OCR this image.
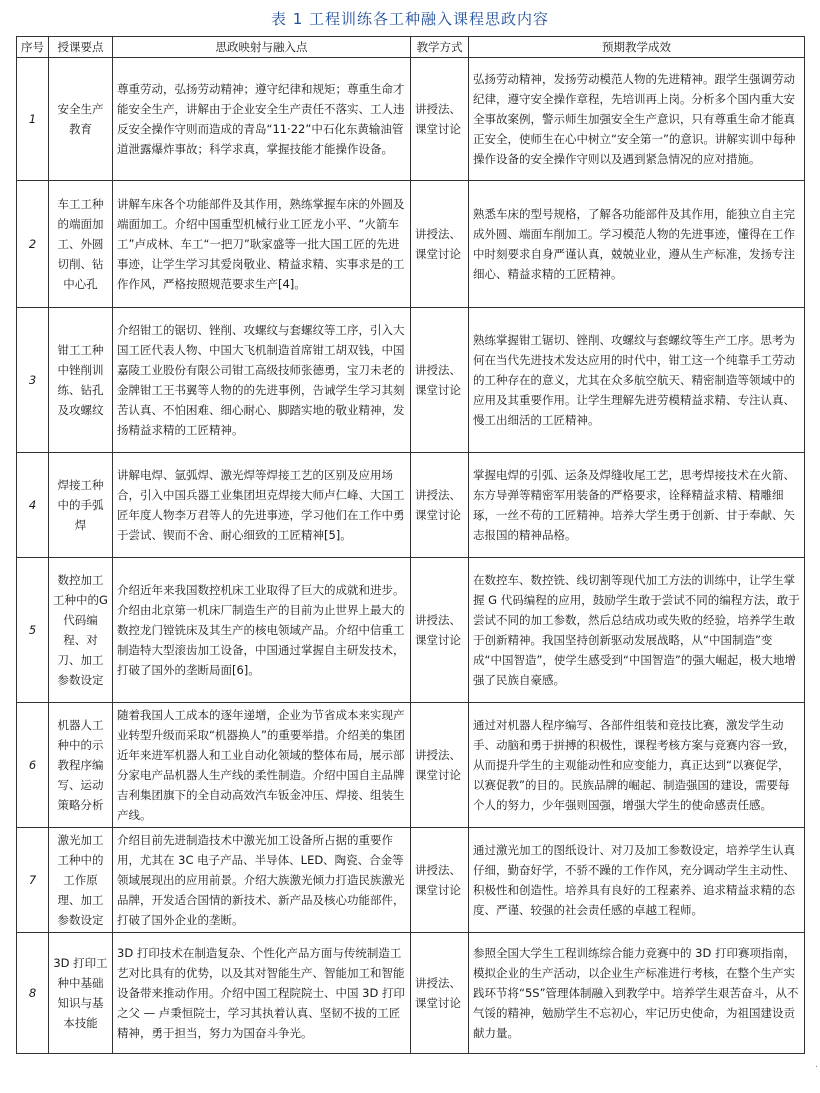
表 1 工程训练各工种融入课程思政内容
序号	授课要点	思政映射与融入点	教学方式	预期教学成效
1	安全生产教育	尊重劳动，弘扬劳动精神；遵守纪律和规矩；尊重生命才能安全生产，讲解由于企业安全生产责任不落实、工人违反安全操作守则而造成的青岛“11·22”中石化东黄输油管道泄露爆炸事故；科学求真，掌握技能才能操作设备。	讲授法、课堂讨论	弘扬劳动精神，发扬劳动模范人物的先进精神。跟学生强调劳动纪律，遵守安全操作章程，先培训再上岗。分析多个国内重大安全事故案例，警示师生加强安全生产意识，只有尊重生命才能真正安全，使师生在心中树立“安全第一”的意识。讲解实训中每种操作设备的安全操作守则以及遇到紧急情况的应对措施。
2	车工工种的端面加工、外圆切削、钻中心孔	讲解车床各个功能部件及其作用，熟练掌握车床的外圆及端面加工。介绍中国重型机械行业工匠龙小平、“火箭车工”卢成林、车工“一把刀”耿家盛等一批大国工匠的先进事迹，让学生学习其爱岗敬业、精益求精、实事求是的工作作风，严格按照规范要求生产[4]。	讲授法、课堂讨论	熟悉车床的型号规格，了解各功能部件及其作用，能独立自主完成外圆、端面车削加工。学习模范人物的先进事迹，懂得在工作中时刻要求自身严谨认真，兢兢业业，遵从生产标准，发扬专注细心、精益求精的工匠精神。
3	钳工工种中锉削训练、钻孔及攻螺纹	介绍钳工的锯切、锉削、攻螺纹与套螺纹等工序，引入大国工匠代表人物、中国大飞机制造首席钳工胡双钱，中国嘉陵工业股份有限公司钳工高级技师张德勇，宝刀未老的金牌钳工王书翼等人物的的先进事例，告诫学生学习其刻苦认真、不怕困难、细心耐心、脚踏实地的敬业精神，发扬精益求精的工匠精神。	讲授法、课堂讨论	熟练掌握钳工锯切、锉削、攻螺纹与套螺纹等生产工序。思考为何在当代先进技术发达应用的时代中，钳工这一个纯靠手工劳动的工种存在的意义，尤其在众多航空航天、精密制造等领域中的应用及其重要作用。让学生理解先进劳模精益求精、专注认真、慢工出细活的工匠精神。
4	焊接工种中的手弧焊	讲解电焊、氩弧焊、激光焊等焊接工艺的区别及应用场合，引入中国兵器工业集团坦克焊接大师卢仁峰、大国工匠年度人物李万君等人的先进事迹，学习他们在工作中勇于尝试、锲而不舍、耐心细致的工匠精神[5]。	讲授法、课堂讨论	掌握电焊的引弧、运条及焊缝收尾工艺，思考焊接技术在火箭、东方导弹等精密军用装备的严格要求，诠释精益求精、精雕细琢，一丝不苟的工匠精神。培养大学生勇于创新、甘于奉献、矢志报国的精神品格。
5	数控加工工种中的G代码编程、对刀、加工参数设定	介绍近年来我国数控机床工业取得了巨大的成就和进步。介绍由北京第一机床厂制造生产的目前为止世界上最大的数控龙门镗铣床及其生产的核电领域产品。介绍中信重工制造特大型滚齿加工设备，中国通过掌握自主研发技术，打破了国外的垄断局面[6]。	讲授法、课堂讨论	在数控车、数控铣、线切割等现代加工方法的训练中，让学生掌握 G 代码编程的应用，鼓励学生敢于尝试不同的编程方法，敢于尝试不同的加工参数，然后总结成功或失败的经验，培养学生敢于创新精神。我国坚持创新驱动发展战略，从“中国制造”变成“中国智造”，使学生感受到“中国智造”的强大崛起，极大地增强了民族自豪感。
6	机器人工种中的示教程序编写、运动策略分析	随着我国人工成本的逐年递增，企业为节省成本来实现产业转型升级而采取“机器换人”的重要举措。介绍美的集团近年来进军机器人和工业自动化领域的整体布局，展示部分家电产品机器人生产线的柔性制造。介绍中国自主品牌吉利集团旗下的全自动高效汽车钣金冲压、焊接、组装生产线。	讲授法、课堂讨论	通过对机器人程序编写、各部件组装和竞技比赛，激发学生动手、动脑和勇于拼搏的积极性，课程考核方案与竞赛内容一致，从而提升学生的主观能动性和应变能力，真正达到“以赛促学，以赛促教”的目的。民族品牌的崛起、制造强国的建设，需要每个人的努力，少年强则国强，增强大学生的使命感责任感。
7	激光加工工种中的工作原理、加工参数设定	介绍目前先进制造技术中激光加工设备所占据的重要作用，尤其在 3C 电子产品、半导体、LED、陶瓷、合金等领域展现出的应用前景。介绍大族激光倾力打造民族激光品牌，开发适合国情的新技术、新产品及核心功能部件，打破了国外企业的垄断。	讲授法、课堂讨论	通过激光加工的图纸设计、对刀及加工参数设定，培养学生认真仔细，勤奋好学，不骄不躁的工作作风，充分调动学生主动性、积极性和创造性。培养具有良好的工程素养、追求精益求精的态度、严谨、较强的社会责任感的卓越工程师。
8	3D 打印工种中基础知识与基本技能	3D 打印技术在制造复杂、个性化产品方面与传统制造工艺对比具有的优势，以及其对智能生产、智能加工和智能设备带来推动作用。介绍中国工程院院士、中国 3D 打印之父 — 卢秉恒院士，学习其执着认真、坚韧不拔的工匠精神，勇于担当，努力为国奋斗争光。	讲授法、课堂讨论	参照全国大学生工程训练综合能力竞赛中的 3D 打印赛项指南，模拟企业的生产活动，以企业生产标准进行考核，在整个生产实践环节将“5S”管理体制融入到教学中。培养学生艰苦奋斗，从不气馁的精神，勉励学生不忘初心，牢记历史使命，为祖国建设贡献力量。
·
